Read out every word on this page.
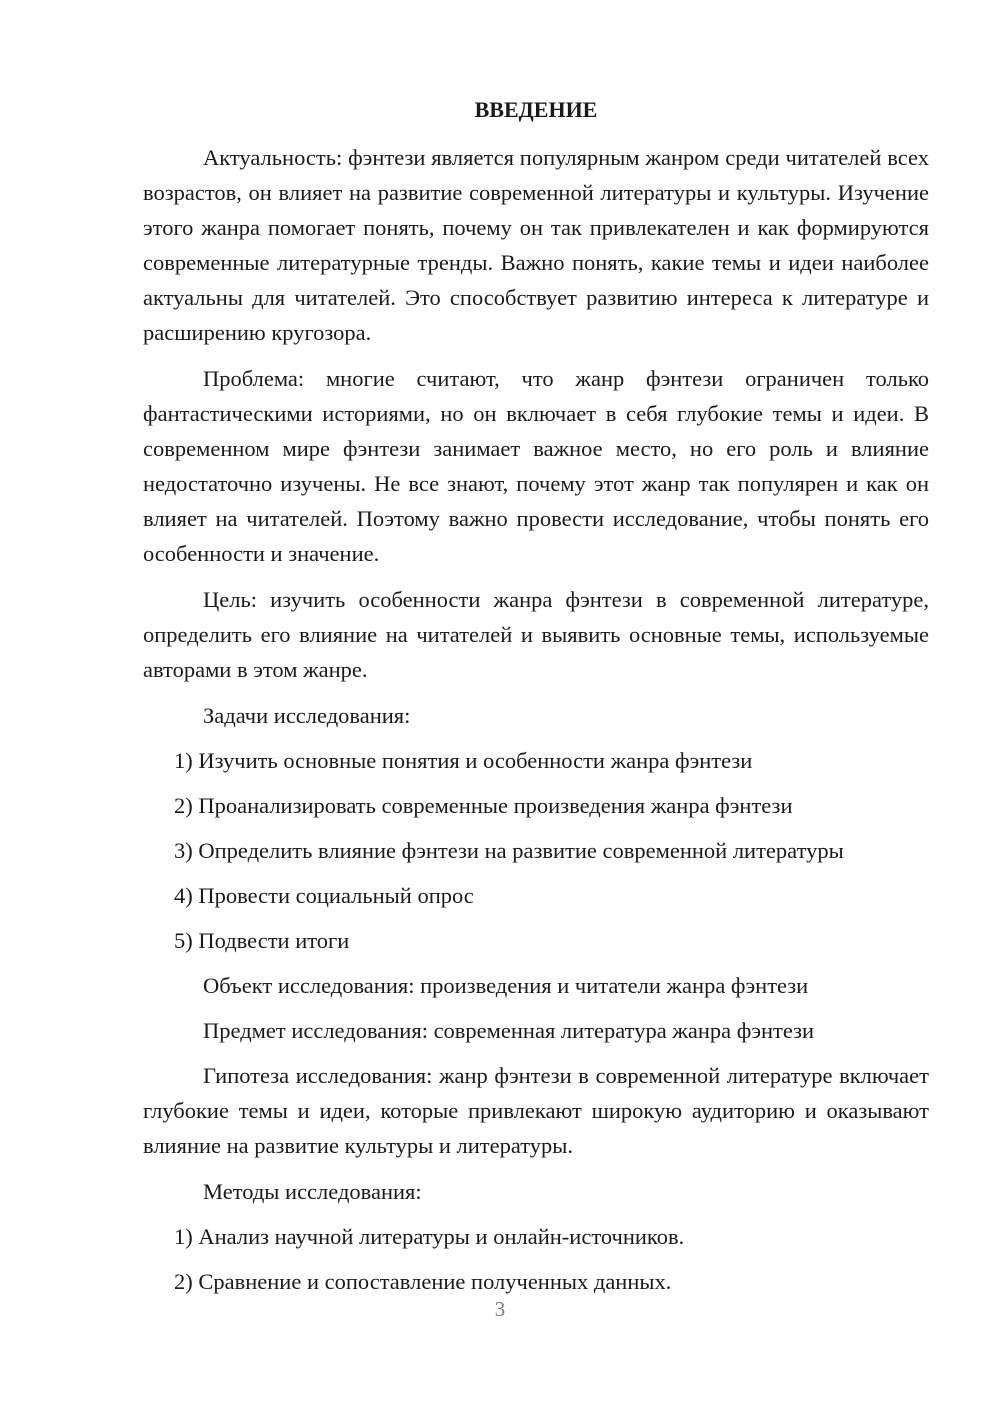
ВВЕДЕНИЕ

Актуальность: фэнтези является популярным жанром среди читателей всех возрастов, он влияет на развитие современной литературы и культуры. Изучение этого жанра помогает понять, почему он так привлекателен и как формируются современные литературные тренды. Важно понять, какие темы и идеи наиболее актуальны для читателей. Это способствует развитию интереса к литературе и расширению кругозора.

Проблема: многие считают, что жанр фэнтези ограничен только фантастическими историями, но он включает в себя глубокие темы и идеи. В современном мире фэнтези занимает важное место, но его роль и влияние недостаточно изучены. Не все знают, почему этот жанр так популярен и как он влияет на читателей. Поэтому важно провести исследование, чтобы понять его особенности и значение.

Цель: изучить особенности жанра фэнтези в современной литературе, определить его влияние на читателей и выявить основные темы, используемые авторами в этом жанре.

Задачи исследования:
1) Изучить основные понятия и особенности жанра фэнтези
2) Проанализировать современные произведения жанра фэнтези
3) Определить влияние фэнтези на развитие современной литературы
4) Провести социальный опрос
5) Подвести итоги
Объект исследования: произведения и читатели жанра фэнтези
Предмет исследования: современная литература жанра фэнтези

Гипотеза исследования: жанр фэнтези в современной литературе включает глубокие темы и идеи, которые привлекают широкую аудиторию и оказывают влияние на развитие культуры и литературы.

Методы исследования:
1) Анализ научной литературы и онлайн-источников.
2) Сравнение и сопоставление полученных данных.
3
